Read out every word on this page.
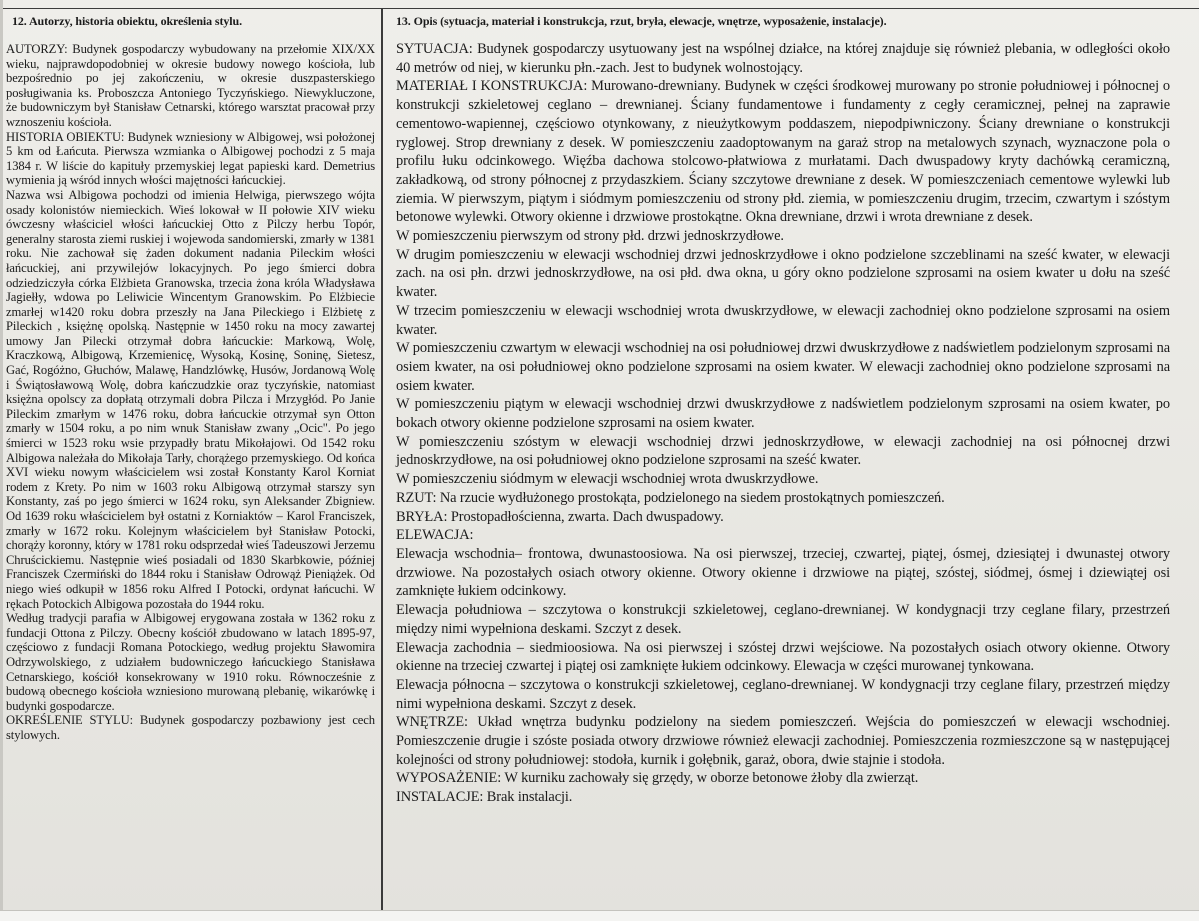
12. Autorzy, historia obiektu, określenia stylu.

AUTORZY: Budynek gospodarczy wybudowany na przełomie XIX/XX wieku, najprawdopodobniej w okresie budowy nowego kościoła, lub bezpośrednio po jej zakończeniu, w okresie duszpasterskiego posługiwania ks. Proboszcza Antoniego Tyczyńskiego. Niewykluczone, że budowniczym był Stanisław Cetnarski, którego warsztat pracował przy wznoszeniu kościoła.

HISTORIA OBIEKTU: Budynek wzniesiony w Albigowej, wsi położonej 5 km od Łańcuta. Pierwsza wzmianka o Albigowej pochodzi z 5 maja 1384 r. W liście do kapituły przemyskiej legat papieski kard. Demetrius wymienia ją wśród innych włości majętności łańcuckiej.

Nazwa wsi Albigowa pochodzi od imienia Helwiga, pierwszego wójta osady kolonistów niemieckich. Wieś lokował w II połowie XIV wieku ówczesny właściciel włości łańcuckiej Otto z Pilczy herbu Topór, generalny starosta ziemi ruskiej i wojewoda sandomierski, zmarły w 1381 roku. Nie zachował się żaden dokument nadania Pileckim włości łańcuckiej, ani przywilejów lokacyjnych. Po jego śmierci dobra odziedziczyła córka Elżbieta Granowska, trzecia żona króla Władysława Jagiełły, wdowa po Leliwicie Wincentym Granowskim. Po Elżbiecie zmarłej w1420 roku dobra przeszły na Jana Pileckiego i Elżbietę z Pileckich , księżnę opolską. Następnie w 1450 roku na mocy zawartej umowy Jan Pilecki otrzymał dobra łańcuckie: Markową, Wolę, Kraczkową, Albigową, Krzemienicę, Wysoką, Kosinę, Soninę, Sietesz, Gać, Rogóżno, Głuchów, Malawę, Handzlówkę, Husów, Jordanową Wolę i Świątosławową Wolę, dobra kańczudzkie oraz tyczyńskie, natomiast księżna opolscy za dopłatą otrzymali dobra Pilcza i Mrzygłód. Po Janie Pileckim zmarłym w 1476 roku, dobra łańcuckie otrzymał syn Otton zmarły w 1504 roku, a po nim wnuk Stanisław zwany „Ocic". Po jego śmierci w 1523 roku wsie przypadły bratu Mikołajowi. Od 1542 roku Albigowa należała do Mikołaja Tarły, chorążego przemyskiego. Od końca XVI wieku nowym właścicielem wsi został Konstanty Karol Korniat rodem z Krety. Po nim w 1603 roku Albigową otrzymał starszy syn Konstanty, zaś po jego śmierci w 1624 roku, syn Aleksander Zbigniew. Od 1639 roku właścicielem był ostatni z Korniaktów – Karol Franciszek, zmarły w 1672 roku. Kolejnym właścicielem był Stanisław Potocki, chorąży koronny, który w 1781 roku odsprzedał wieś Tadeuszowi Jerzemu Chruścickiemu. Następnie wieś posiadali od 1830 Skarbkowie, później Franciszek Czermiński do 1844 roku i Stanisław Odrowąż Pieniążek. Od niego wieś odkupił w 1856 roku Alfred I Potocki, ordynat łańcuchi. W rękach Potockich Albigowa pozostała do 1944 roku.

Według tradycji parafia w Albigowej erygowana została w 1362 roku z fundacji Ottona z Pilczy. Obecny kościół zbudowano w latach 1895-97, częściowo z fundacji Romana Potockiego, według projektu Sławomira Odrzywolskiego, z udziałem budowniczego łańcuckiego Stanisława Cetnarskiego, kościół konsekrowany w 1910 roku. Równocześnie z budową obecnego kościoła wzniesiono murowaną plebanię, wikarówkę i budynki gospodarcze.

OKREŚLENIE STYLU: Budynek gospodarczy pozbawiony jest cech stylowych.

13. Opis (sytuacja, materiał i konstrukcja, rzut, bryła, elewacje, wnętrze, wyposażenie, instalacje).

SYTUACJA: Budynek gospodarczy usytuowany jest na wspólnej działce, na której znajduje się również plebania, w odległości około 40 metrów od niej, w kierunku płn.-zach. Jest to budynek wolnostojący.

MATERIAŁ I KONSTRUKCJA: Murowano-drewniany. Budynek w części środkowej murowany po stronie południowej i północnej o konstrukcji szkieletowej ceglano – drewnianej. Ściany fundamentowe i fundamenty z cegły ceramicznej, pełnej na zaprawie cementowo-wapiennej, częściowo otynkowany, z nieużytkowym poddaszem, niepodpiwniczony. Ściany drewniane o konstrukcji ryglowej. Strop drewniany z desek. W pomieszczeniu zaadoptowanym na garaż strop na metalowych szynach, wyznaczone pola o profilu łuku odcinkowego. Więźba dachowa stolcowo-płatwiowa z murłatami. Dach dwuspadowy kryty dachówką ceramiczną, zakładkową, od strony północnej z przydaszkiem. Ściany szczytowe drewniane z desek. W pomieszczeniach cementowe wylewki lub ziemia. W pierwszym, piątym i siódmym pomieszczeniu od strony płd. ziemia, w pomieszczeniu drugim, trzecim, czwartym i szóstym betonowe wylewki. Otwory okienne i drzwiowe prostokątne. Okna drewniane, drzwi i wrota drewniane z desek.

W pomieszczeniu pierwszym od strony płd. drzwi jednoskrzydłowe.

W drugim pomieszczeniu w elewacji wschodniej drzwi jednoskrzydłowe i okno podzielone szczeblinami na sześć kwater, w elewacji zach. na osi płn. drzwi jednoskrzydłowe, na osi płd. dwa okna, u góry okno podzielone szprosami na osiem kwater u dołu na sześć kwater.

W trzecim pomieszczeniu w elewacji wschodniej wrota dwuskrzydłowe, w elewacji zachodniej okno podzielone szprosami na osiem kwater.

W pomieszczeniu czwartym w elewacji wschodniej na osi południowej drzwi dwuskrzydłowe z nadświetlem podzielonym szprosami na osiem kwater, na osi południowej okno podzielone szprosami na osiem kwater. W elewacji zachodniej okno podzielone szprosami na osiem kwater.

W pomieszczeniu piątym w elewacji wschodniej drzwi dwuskrzydłowe z nadświetlem podzielonym szprosami na osiem kwater, po bokach otwory okienne podzielone szprosami na osiem kwater.

W pomieszczeniu szóstym w elewacji wschodniej drzwi jednoskrzydłowe, w elewacji zachodniej na osi północnej drzwi jednoskrzydłowe, na osi południowej okno podzielone szprosami na sześć kwater.

W pomieszczeniu siódmym w elewacji wschodniej wrota dwuskrzydłowe.

RZUT: Na rzucie wydłużonego prostokąta, podzielonego na siedem prostokątnych pomieszczeń.

BRYŁA: Prostopadłościenna, zwarta. Dach dwuspadowy.

ELEWACJA:

Elewacja wschodnia– frontowa, dwunastoosiowa. Na osi pierwszej, trzeciej, czwartej, piątej, ósmej, dziesiątej i dwunastej otwory drzwiowe. Na pozostałych osiach otwory okienne. Otwory okienne i drzwiowe na piątej, szóstej, siódmej, ósmej i dziewiątej osi zamknięte łukiem odcinkowy.

Elewacja południowa – szczytowa o konstrukcji szkieletowej, ceglano-drewnianej. W kondygnacji trzy ceglane filary, przestrzeń między nimi wypełniona deskami. Szczyt z desek.

Elewacja zachodnia – siedmioosiowa. Na osi pierwszej i szóstej drzwi wejściowe. Na pozostałych osiach otwory okienne. Otwory okienne na trzeciej czwartej i piątej osi zamknięte łukiem odcinkowy. Elewacja w części murowanej tynkowana.

Elewacja północna – szczytowa o konstrukcji szkieletowej, ceglano-drewnianej. W kondygnacji trzy ceglane filary, przestrzeń między nimi wypełniona deskami. Szczyt z desek.

WNĘTRZE: Układ wnętrza budynku podzielony na siedem pomieszczeń. Wejścia do pomieszczeń w elewacji wschodniej. Pomieszczenie drugie i szóste posiada otwory drzwiowe również elewacji zachodniej. Pomieszczenia rozmieszczone są w następującej kolejności od strony południowej: stodoła, kurnik i gołębnik, garaż, obora, dwie stajnie i stodoła.

WYPOSAŻENIE: W kurniku zachowały się grzędy, w oborze betonowe żłoby dla zwierząt.

INSTALACJE: Brak instalacji.
